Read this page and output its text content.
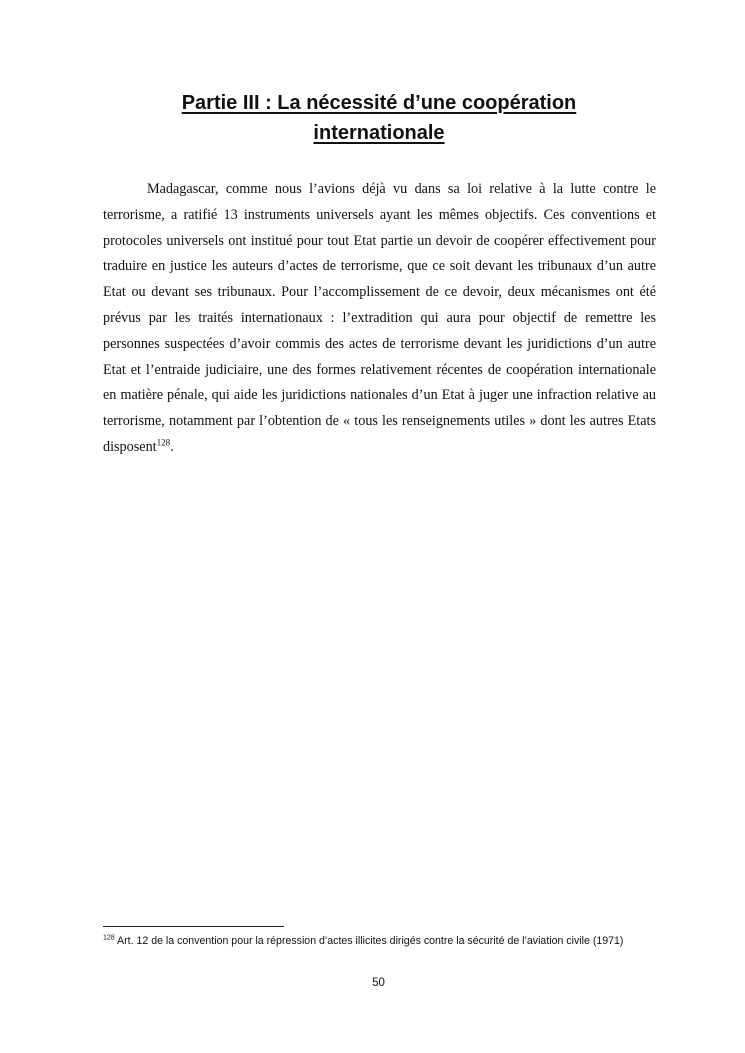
Partie III : La nécessité d’une coopération internationale

Madagascar, comme nous l’avions déjà vu dans sa loi relative à la lutte contre le terrorisme, a ratifié 13 instruments universels ayant les mêmes objectifs. Ces conventions et protocoles universels ont institué pour tout Etat partie un devoir de coopérer effectivement pour traduire en justice les auteurs d’actes de terrorisme, que ce soit devant les tribunaux d’un autre Etat ou devant ses tribunaux. Pour l’accomplissement de ce devoir, deux mécanismes ont été prévus par les traités internationaux : l’extradition qui aura pour objectif de remettre les personnes suspectées d’avoir commis des actes de terrorisme devant les juridictions d’un autre Etat et l’entraide judiciaire, une des formes relativement récentes de coopération internationale en matière pénale, qui aide les juridictions nationales d’un Etat à juger une infraction relative au terrorisme, notamment par l’obtention de « tous les renseignements utiles » dont les autres Etats disposent$^{128}$.

$^{128}$ Art. 12 de la convention pour la répression d’actes illicites dirigés contre la sécurité de l’aviation civile (1971)

50
